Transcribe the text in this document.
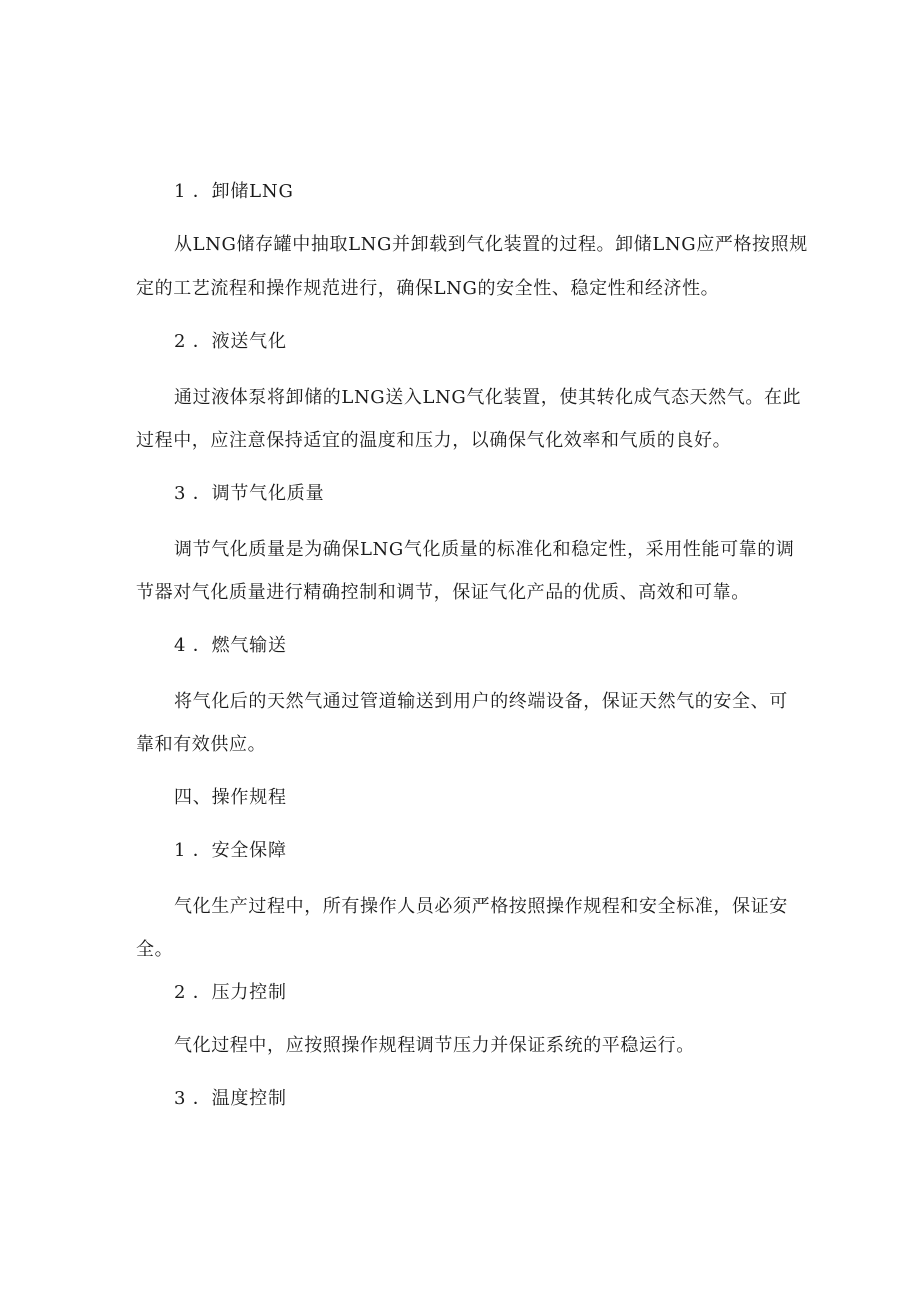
1 ．卸储LNG
从LNG储存罐中抽取LNG并卸载到气化装置的过程。卸储LNG应严格按照规
定的工艺流程和操作规范进行，确保LNG的安全性、稳定性和经济性。
2 ．液送气化
通过液体泵将卸储的LNG送入LNG气化装置，使其转化成气态天然气。在此
过程中，应注意保持适宜的温度和压力，以确保气化效率和气质的良好。
3 ．调节气化质量
调节气化质量是为确保LNG气化质量的标准化和稳定性，采用性能可靠的调
节器对气化质量进行精确控制和调节，保证气化产品的优质、高效和可靠。
4 ．燃气输送
将气化后的天然气通过管道输送到用户的终端设备，保证天然气的安全、可
靠和有效供应。
四、操作规程
1 ．安全保障
气化生产过程中，所有操作人员必须严格按照操作规程和安全标准，保证安
全。
2 ．压力控制
气化过程中，应按照操作规程调节压力并保证系统的平稳运行。
3 ．温度控制
